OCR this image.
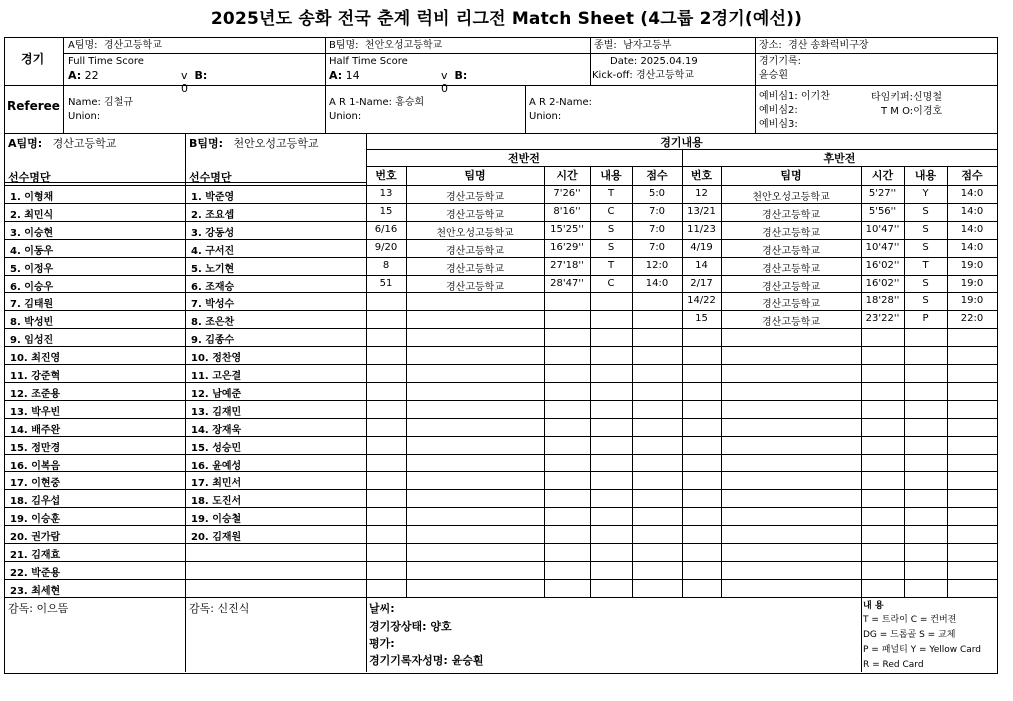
2025년도 송화 전국 춘계 럭비 리그전 Match Sheet (4그룹 2경기(예선))
경기
A팀명: 경산고등학교	B팀명: 천안오성고등학교	종별: 남자고등부	장소: 경산 송화럭비구장
Full Time Score
A: 22	v B: 0
Half Time Score
A: 14	v B: 0
Date: 2025.04.19
Kick-off: 경산고등학교
경기기록:
윤승훤
Referee Name: 김철규
Union:
A R 1-Name: 홍승희
Union:
A R 2-Name:
Union:
예비심1: 이기찬
예비심2:
예비심3:
타임키퍼:신명철
T M O:이경호
A팀명: 경산고등학교	B팀명: 천안오성고등학교
선수명단	선수명단
경기내용
전반전	후반전
번호	번호
팀명	팀명
시간	시간
내용	내용
점수	점수
1. 이형채
2. 최민식
3. 이승현
4. 이동우
5. 이정우
6. 이승우
7. 김태원
8. 박성빈
9. 임성진
10. 최진영
11. 강준혁
12. 조준용
13. 박우빈
14. 배주완
15. 정만경
16. 이복음
17. 이현중
18. 김우섭
19. 이승훈
20. 권가람
21. 김재효
22. 박준용
23. 최세현
1. 박준영
2. 조요셉
3. 강동성
4. 구서진
5. 노기현
6. 조재승
7. 박성수
8. 조은찬
9. 김종수
10. 정찬영
11. 고은결
12. 남예준
13. 김재민
14. 장재욱
15. 성승민
16. 윤예성
17. 최민서
18. 도진서
19. 이승철
20. 김재원
13	경산고등학교	7'26''	T	5:0
15	경산고등학교	8'16''	C	7:0
6/16	천안오성고등학교	15'25''	S	7:0
9/20	경산고등학교	16'29''	S	7:0
8	경산고등학교	27'18''	T	12:0
51	경산고등학교	28'47''	C	14:0
12	천안오성고등학교	5'27''	Y	14:0
13/21	경산고등학교	5'56''	S	14:0
11/23	경산고등학교	10'47''	S	14:0
4/19	경산고등학교	10'47''	S	14:0
14	경산고등학교	16'02''	T	19:0
2/17	경산고등학교	16'02''	S	19:0
14/22	경산고등학교	18'28''	S	19:0
15	경산고등학교	23'22''	P	22:0
감독: 이으뜸	감독: 신진식	날씨:
경기장상태: 양호
평가:
경기기록자성명: 윤승훤
내 용
T = 트라이 C = 컨버젼
DG = 드롭골 S = 교체
P = 패널티 Y = Yellow Card
R = Red Card
